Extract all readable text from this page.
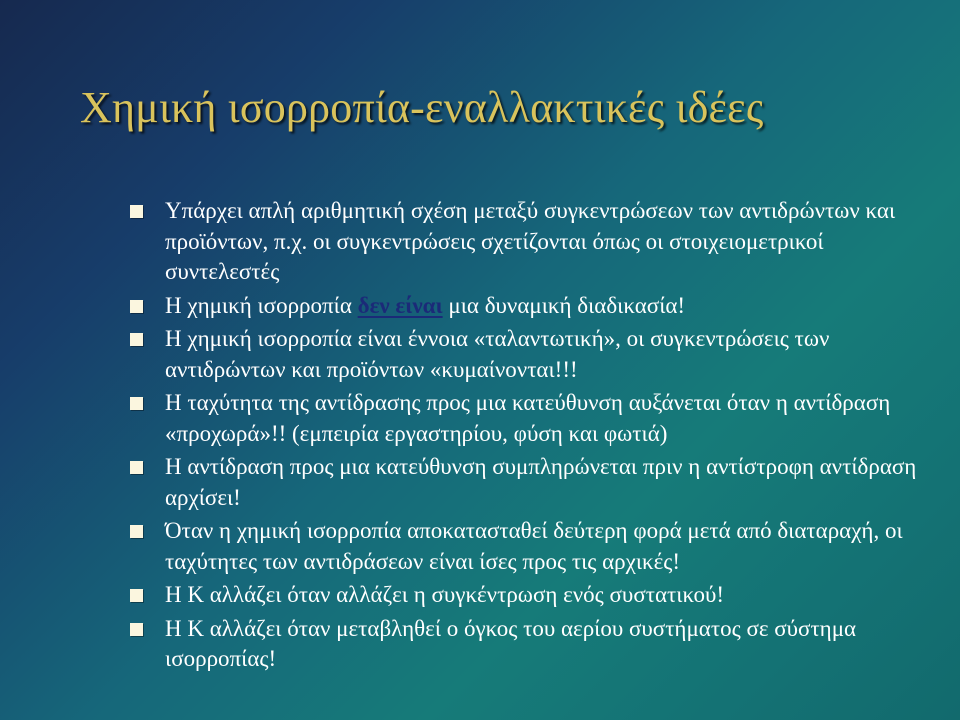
Χημική ισορροπία-εναλλακτικές ιδέες
Υπάρχει απλή αριθμητική σχέση μεταξύ συγκεντρώσεων των αντιδρώντων και προϊόντων, π.χ. οι συγκεντρώσεις σχετίζονται όπως οι στοιχειομετρικοί συντελεστές
Η χημική ισορροπία δεν είναι μια δυναμική διαδικασία!
Η χημική ισορροπία είναι έννοια «ταλαντωτική», οι συγκεντρώσεις των αντιδρώντων και προϊόντων «κυμαίνονται!!!
Η ταχύτητα της αντίδρασης προς μια κατεύθυνση αυξάνεται όταν η αντίδραση «προχωρά»!! (εμπειρία εργαστηρίου, φύση και φωτιά)
Η αντίδραση προς μια κατεύθυνση συμπληρώνεται πριν η αντίστροφη αντίδραση αρχίσει!
Όταν η χημική ισορροπία αποκατασταθεί δεύτερη φορά μετά από διαταραχή, οι ταχύτητες των αντιδράσεων είναι ίσες προς τις αρχικές!
Η Κ αλλάζει όταν αλλάζει η συγκέντρωση ενός συστατικού!
Η Κ αλλάζει όταν μεταβληθεί ο όγκος του αερίου συστήματος σε σύστημα ισορροπίας!
